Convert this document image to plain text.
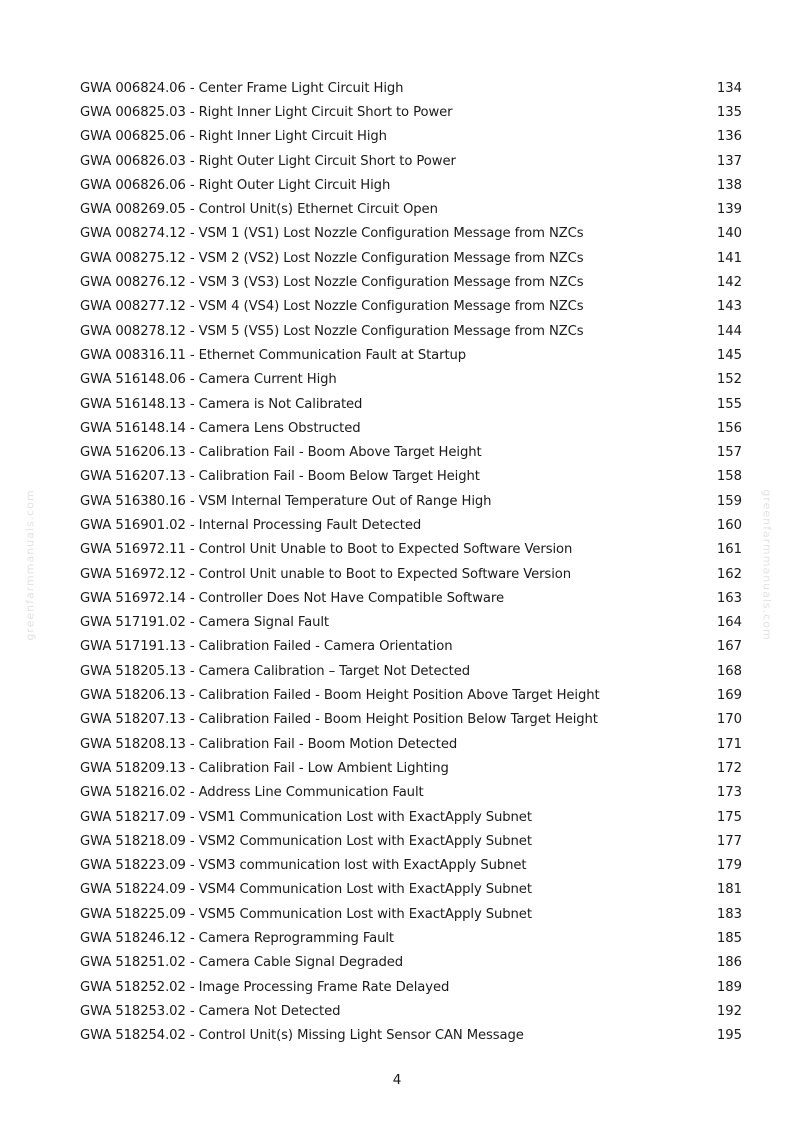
greenfarmmanuals.com	greenfarmmanuals.com
GWA 006824.06 - Center Frame Light Circuit High	134
GWA 006825.03 - Right Inner Light Circuit Short to Power	135
GWA 006825.06 - Right Inner Light Circuit High	136
GWA 006826.03 - Right Outer Light Circuit Short to Power	137
GWA 006826.06 - Right Outer Light Circuit High	138
GWA 008269.05 - Control Unit(s) Ethernet Circuit Open	139
GWA 008274.12 - VSM 1 (VS1) Lost Nozzle Configuration Message from NZCs	140
GWA 008275.12 - VSM 2 (VS2) Lost Nozzle Configuration Message from NZCs	141
GWA 008276.12 - VSM 3 (VS3) Lost Nozzle Configuration Message from NZCs	142
GWA 008277.12 - VSM 4 (VS4) Lost Nozzle Configuration Message from NZCs	143
GWA 008278.12 - VSM 5 (VS5) Lost Nozzle Configuration Message from NZCs	144
GWA 008316.11 - Ethernet Communication Fault at Startup	145
GWA 516148.06 - Camera Current High	152
GWA 516148.13 - Camera is Not Calibrated	155
GWA 516148.14 - Camera Lens Obstructed	156
GWA 516206.13 - Calibration Fail - Boom Above Target Height	157
GWA 516207.13 - Calibration Fail - Boom Below Target Height	158
GWA 516380.16 - VSM Internal Temperature Out of Range High	159
GWA 516901.02 - Internal Processing Fault Detected	160
GWA 516972.11 - Control Unit Unable to Boot to Expected Software Version	161
GWA 516972.12 - Control Unit unable to Boot to Expected Software Version	162
GWA 516972.14 - Controller Does Not Have Compatible Software	163
GWA 517191.02 - Camera Signal Fault	164
GWA 517191.13 - Calibration Failed - Camera Orientation	167
GWA 518205.13 - Camera Calibration – Target Not Detected	168
GWA 518206.13 - Calibration Failed - Boom Height Position Above Target Height	169
GWA 518207.13 - Calibration Failed - Boom Height Position Below Target Height	170
GWA 518208.13 - Calibration Fail - Boom Motion Detected	171
GWA 518209.13 - Calibration Fail - Low Ambient Lighting	172
GWA 518216.02 - Address Line Communication Fault	173
GWA 518217.09 - VSM1 Communication Lost with ExactApply Subnet	175
GWA 518218.09 - VSM2 Communication Lost with ExactApply Subnet	177
GWA 518223.09 - VSM3 communication lost with ExactApply Subnet	179
GWA 518224.09 - VSM4 Communication Lost with ExactApply Subnet	181
GWA 518225.09 - VSM5 Communication Lost with ExactApply Subnet	183
GWA 518246.12 - Camera Reprogramming Fault	185
GWA 518251.02 - Camera Cable Signal Degraded	186
GWA 518252.02 - Image Processing Frame Rate Delayed	189
GWA 518253.02 - Camera Not Detected	192
GWA 518254.02 - Control Unit(s) Missing Light Sensor CAN Message	195
4
